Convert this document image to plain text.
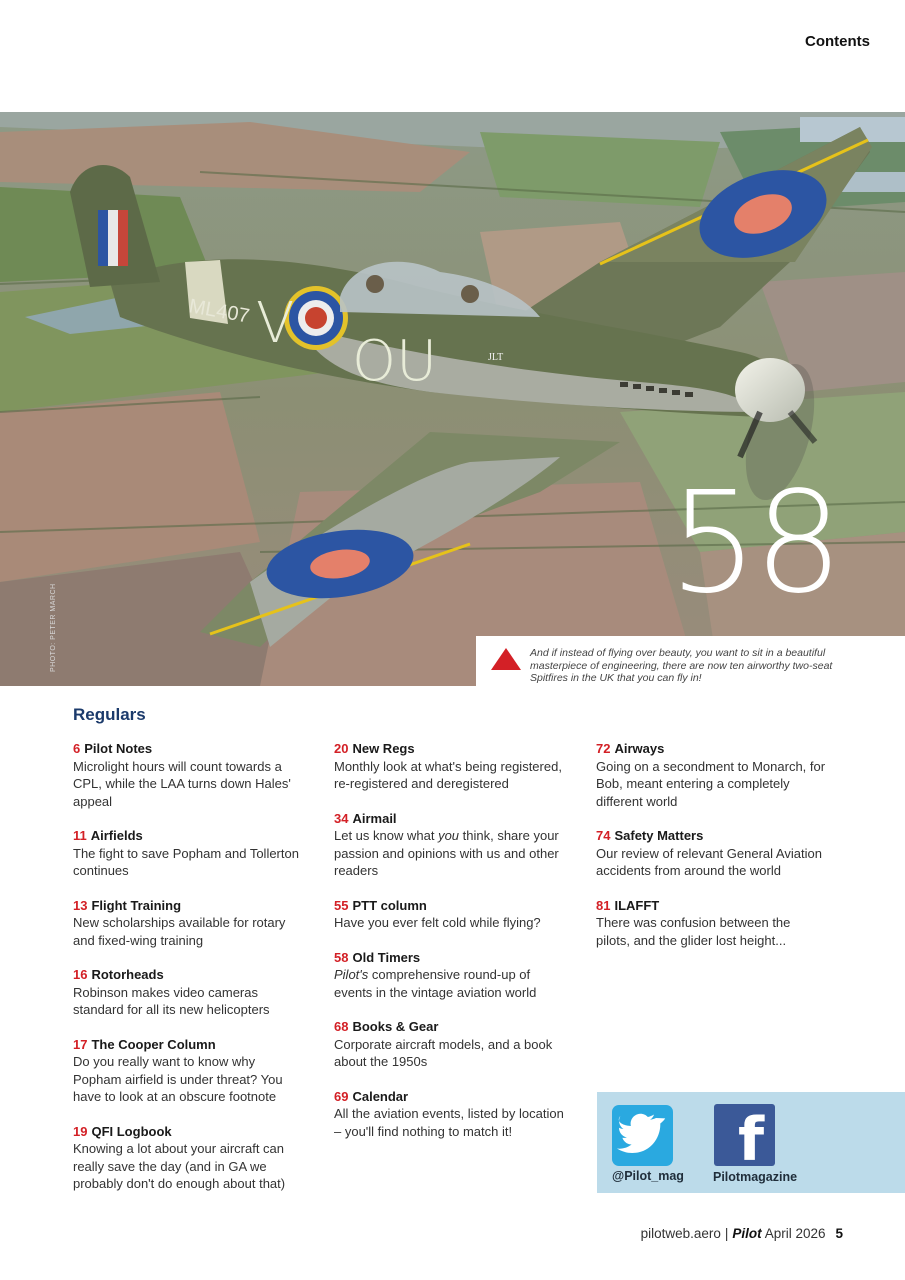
Contents
ML407 V
OU	JLT
58
PHOTO: PETER MARCH	And if instead of flying over beauty, you want to sit in a beautiful masterpiece of engineering, there are now ten airworthy two-seat Spitfires in the UK that you can fly in!
Regulars
6 Pilot Notes
Microlight hours will count towards a CPL, while the LAA turns down Hales' appeal
11 Airfields
The fight to save Popham and Tollerton continues
13 Flight Training
New scholarships available for rotary and fixed-wing training
16 Rotorheads
Robinson makes video cameras standard for all its new helicopters
17 The Cooper Column
Do you really want to know why Popham airfield is under threat? You have to look at an obscure footnote
19 QFI Logbook
Knowing a lot about your aircraft can really save the day (and in GA we probably don't do enough about that)
20 New Regs
Monthly look at what's being registered, re-registered and deregistered
34 Airmail
Let us know what you think, share your passion and opinions with us and other readers
55 PTT column
Have you ever felt cold while flying?
58 Old Timers
Pilot's comprehensive round-up of events in the vintage aviation world
68 Books & Gear
Corporate aircraft models, and a book about the 1950s
69 Calendar
All the aviation events, listed by location – you'll find nothing to match it!
72 Airways
Going on a secondment to Monarch, for Bob, meant entering a completely different world
74 Safety Matters
Our review of relevant General Aviation accidents from around the world
81 ILAFFT
There was confusion between the pilots, and the glider lost height...
f
@Pilot_mag Pilotmagazine
pilotweb.aero | Pilot April 2026 5
